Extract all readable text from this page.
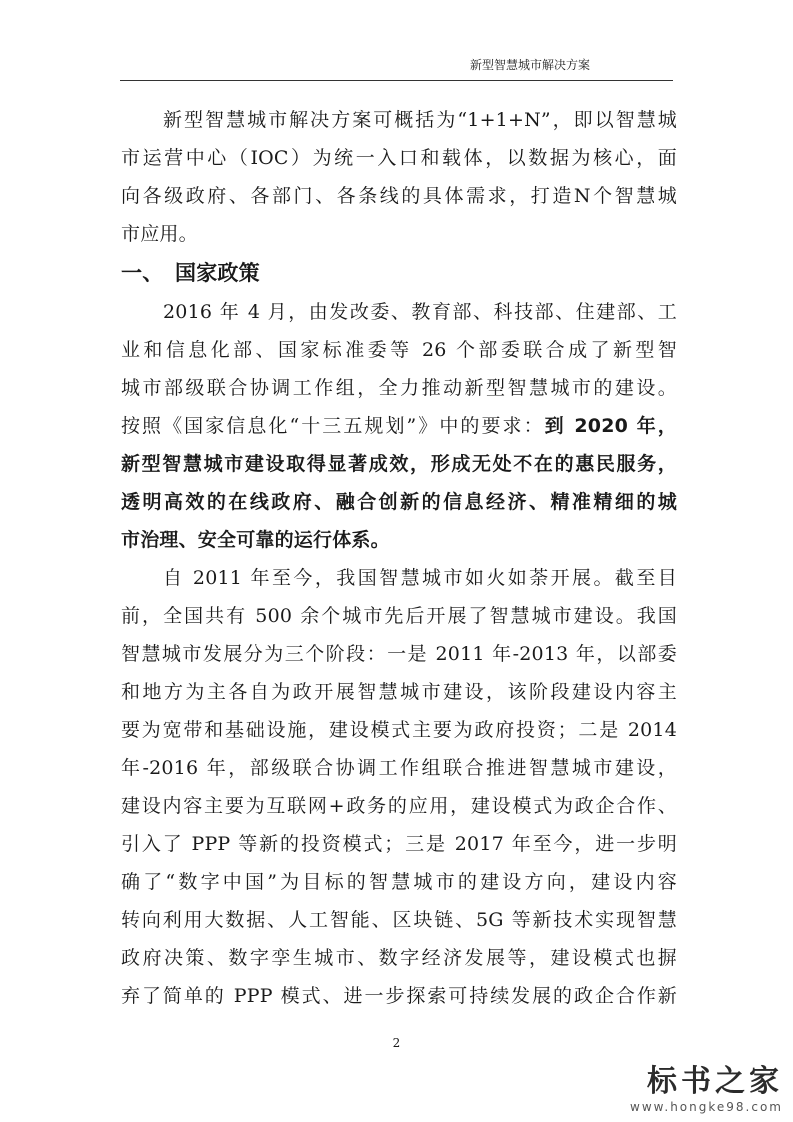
新型智慧城市解决方案
新型智慧城市解决方案可概括为“1+1+N”，即以智慧城
市运营中心（IOC）为统一入口和载体，以数据为核心，面
向各级政府、各部门、各条线的具体需求，打造N个智慧城
市应用。
一、 国家政策
2016 年 4 月，由发改委、教育部、科技部、住建部、工
业和信息化部、国家标准委等 26 个部委联合成了新型智
城市部级联合协调工作组，全力推动新型智慧城市的建设。
按照《国家信息化“十三五规划”》中的要求：到 2020 年，
新型智慧城市建设取得显著成效，形成无处不在的惠民服务，
透明高效的在线政府、融合创新的信息经济、精准精细的城
市治理、安全可靠的运行体系。
自 2011 年至今，我国智慧城市如火如荼开展。截至目
前，全国共有 500 余个城市先后开展了智慧城市建设。我国
智慧城市发展分为三个阶段：一是 2011 年-2013 年，以部委
和地方为主各自为政开展智慧城市建设，该阶段建设内容主
要为宽带和基础设施，建设模式主要为政府投资；二是 2014
年-2016 年，部级联合协调工作组联合推进智慧城市建设，
建设内容主要为互联网+政务的应用，建设模式为政企合作、
引入了 PPP 等新的投资模式；三是 2017 年至今，进一步明
确了“数字中国”为目标的智慧城市的建设方向，建设内容
转向利用大数据、人工智能、区块链、5G 等新技术实现智慧
政府决策、数字孪生城市、数字经济发展等，建设模式也摒
弃了简单的 PPP 模式、进一步探索可持续发展的政企合作新
2
标书之家
www.hongke98.com
